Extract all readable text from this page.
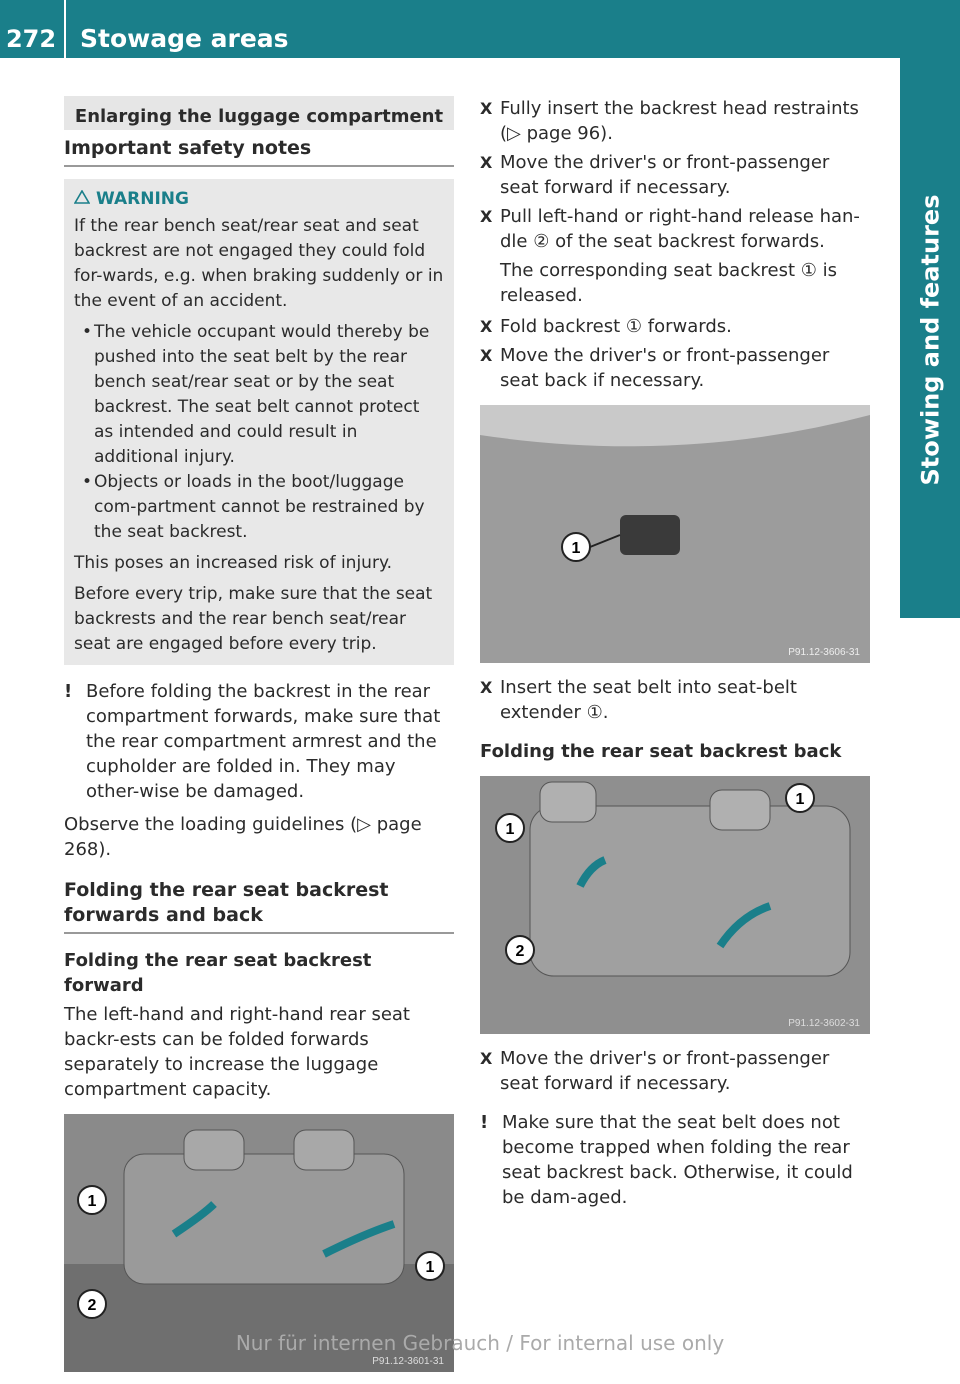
272 Stowage areas
Stowing and features
Enlarging the luggage compartment
Important safety notes
WARNING

If the rear bench seat/rear seat and seat backrest are not engaged they could fold for-wards, e.g. when braking suddenly or in the event of an accident.

• The vehicle occupant would thereby be pushed into the seat belt by the rear bench seat/rear seat or by the seat backrest. The seat belt cannot protect as intended and could result in additional injury.
• Objects or loads in the boot/luggage com-partment cannot be restrained by the seat backrest.

This poses an increased risk of injury.

Before every trip, make sure that the seat backrests and the rear bench seat/rear seat are engaged before every trip.

! Before folding the backrest in the rear compartment forwards, make sure that the rear compartment armrest and the cupholder are folded in. They may other-wise be damaged.

Observe the loading guidelines (▷ page 268).

Folding the rear seat backrest forwards and back
Folding the rear seat backrest forward

The left-hand and right-hand rear seat backr-ests can be folded forwards separately to increase the luggage compartment capacity.

1
2
1
P91.12-3601-31
X Fully insert the backrest head restraints (▷ page 96).
X Move the driver's or front-passenger seat forward if necessary.
X Pull left-hand or right-hand release han-dle ② of the seat backrest forwards.

The corresponding seat backrest ① is released.

X Fold backrest ① forwards.
X Move the driver's or front-passenger seat back if necessary.
1
P91.12-3606-31
X Insert the seat belt into seat-belt extender ①.
Folding the rear seat backrest back
1
1
2
P91.12-3602-31
X Move the driver's or front-passenger seat forward if necessary.
! Make sure that the seat belt does not become trapped when folding the rear seat backrest back. Otherwise, it could be dam-aged.
Nur für internen Gebrauch / For internal use only
